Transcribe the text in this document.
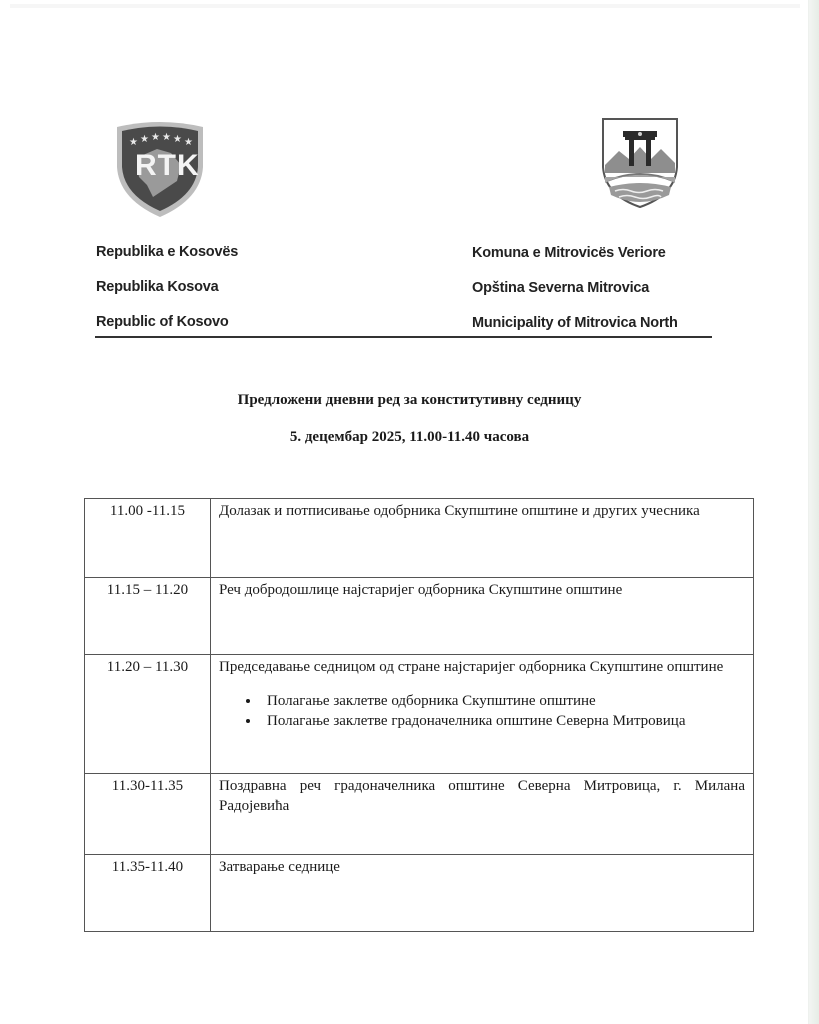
★ ★ ★ ★ ★ ★
RTK
Republika e Kosovës
Republika Kosova
Republic of Kosovo
Komuna e Mitrovicës Veriore
Opština Severna Mitrovica
Municipality of Mitrovica North
Предложени дневни ред за конститутивну седницу
5. децембар 2025, 11.00-11.40 часова
11.00 -11.15	Долазак и потписивање одобрника Скупштине општине и других учесника
11.15 – 11.20	Реч добродошлице најстаријег одборника Скупштине општине
11.20 – 11.30	Председавање седницом од стране најстаријег одборника Скупштине општине
• Полагање заклетве одборника Скупштине општине
• Полагање заклетве градоначелника општине Северна Митровица

11.30-11.35	Поздравна реч градоначелника општине Северна Митровица, г. Милана Радојевића
11.35-11.40	Затварање седнице
